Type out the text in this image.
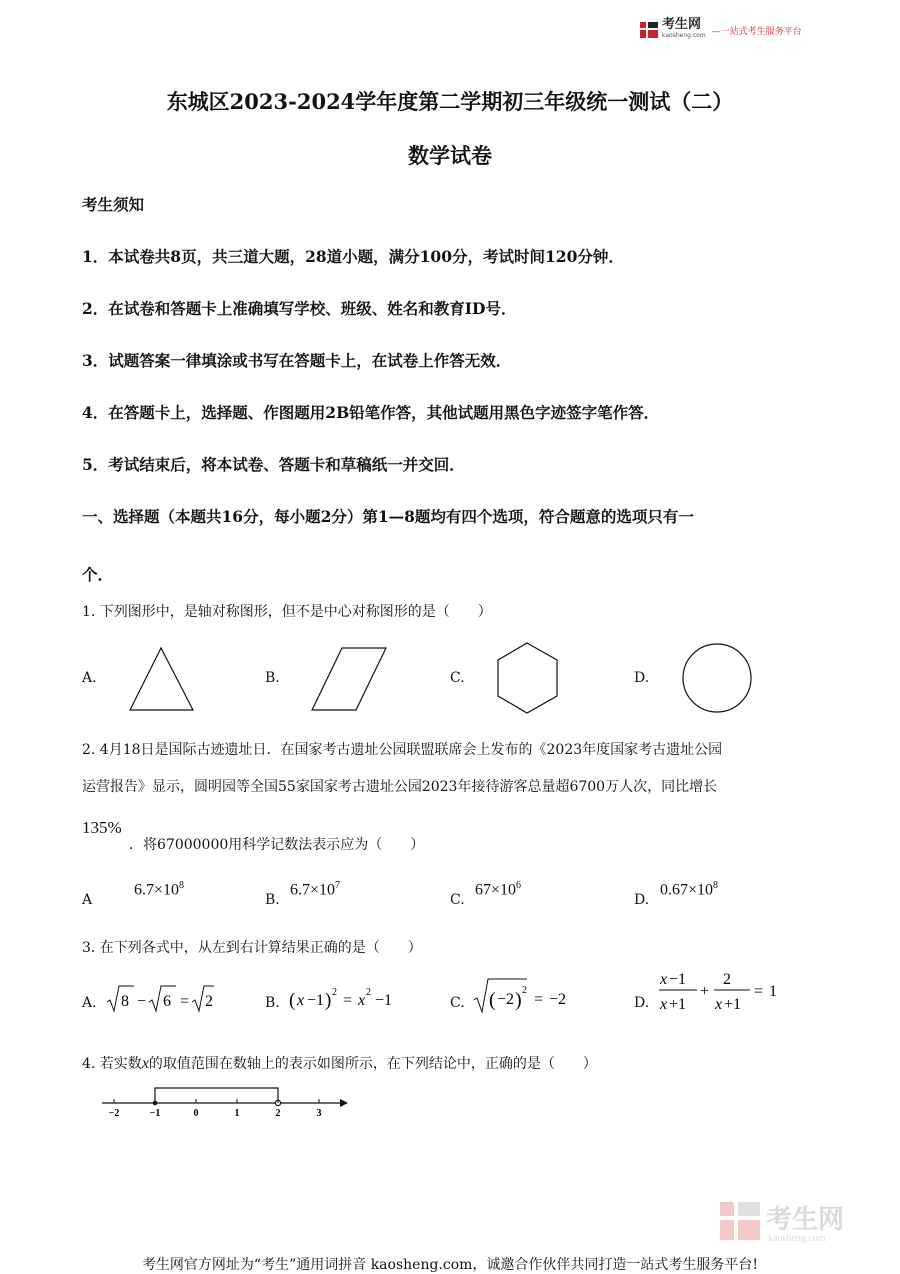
考生网
kaosheng.com —一站式考生服务平台
东城区2023-2024学年度第二学期初三年级统一测试（二）
数学试卷
考生须知
1．本试卷共8页，共三道大题，28道小题，满分100分，考试时间120分钟．
2．在试卷和答题卡上准确填写学校、班级、姓名和教育ID号．
3．试题答案一律填涂或书写在答题卡上，在试卷上作答无效．
4．在答题卡上，选择题、作图题用2B铅笔作答，其他试题用黑色字迹签字笔作答．
5．考试结束后，将本试卷、答题卡和草稿纸一并交回．
一、选择题（本题共16分，每小题2分）第1—8题均有四个选项，符合题意的选项只有一
个．
1. 下列图形中，是轴对称图形，但不是中心对称图形的是（　　）
A.	B.	C.	D.
2. 4月18日是国际古迹遗址日．在国家考古遗址公园联盟联席会上发布的《2023年度国家考古遗址公园
运营报告》显示，圆明园等全国55家国家考古遗址公园2023年接待游客总量超6700万人次，同比增长
135%
．将67000000用科学记数法表示应为（　　）
A
$6.7\times 10^8$
B.
$6.7\times 10^7$
C.
$67\times 10^6$
D.
$0.67\times 10^8$
3. 在下列各式中，从左到右计算结果正确的是（　　）
A. 8 − 6 = 2	B. ( x −1 ) 2 = x 2 −1	C. ( −2 ) 2
= −2	D.
x −1
x +1
+
2
x +1
= 1
4. 若实数x的取值范围在数轴上的表示如图所示，在下列结论中，正确的是（　　）
−2	−1	0	1	2	3
考生网
kaosheng.com
考生网官方网址为“考生”通用词拼音 kaosheng.com，诚邀合作伙伴共同打造一站式考生服务平台!
